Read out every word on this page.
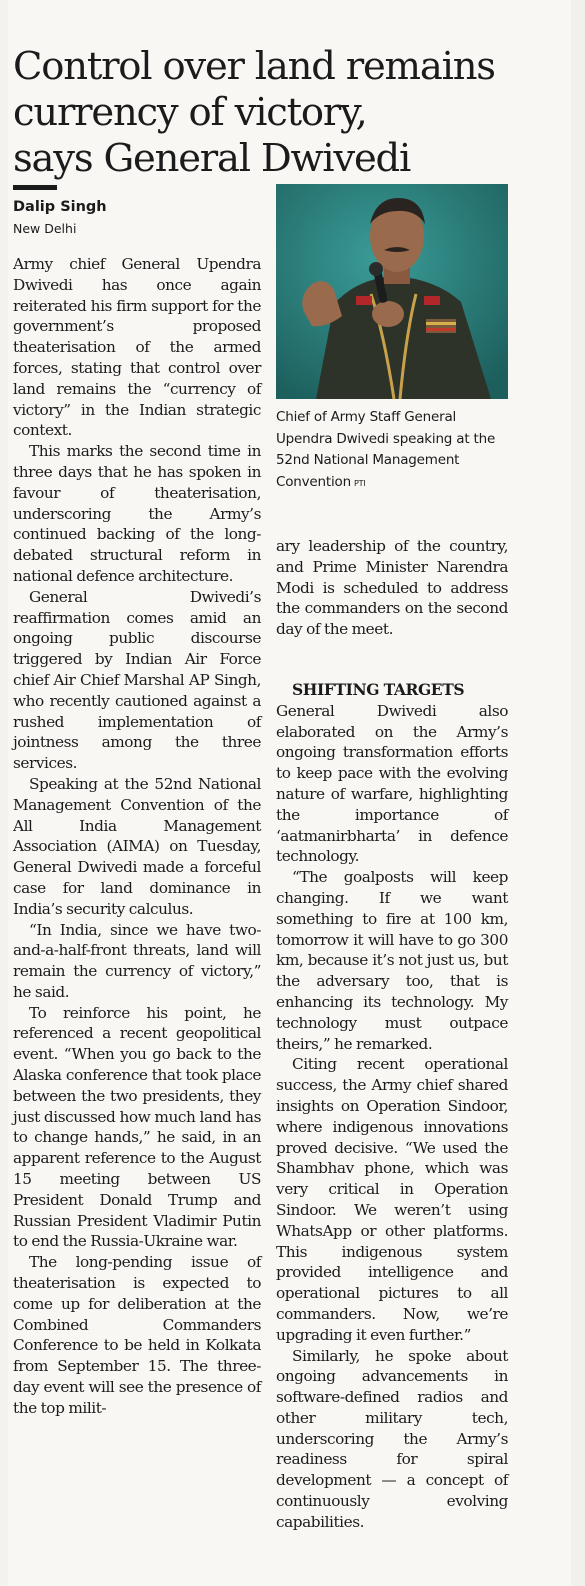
Control over land remains
currency of victory,
says General Dwivedi
Dalip Singh
New Delhi

Army chief General Upendra Dwivedi has once again reiterated his firm support for the government’s proposed theaterisation of the armed forces, stating that control over land remains the “currency of victory” in the Indian strategic context.

This marks the second time in three days that he has spoken in favour of theaterisation, underscoring the Army’s continued backing of the long-debated structural reform in national defence architecture.

General Dwivedi’s reaffirmation comes amid an ongoing public discourse triggered by Indian Air Force chief Air Chief Marshal AP Singh, who recently cautioned against a rushed implementation of jointness among the three services.

Speaking at the 52nd National Management Convention of the All India Management Association (AIMA) on Tuesday, General Dwivedi made a forceful case for land dominance in India’s security calculus.

“In India, since we have two-and-a-half-front threats, land will remain the currency of victory,” he said.

To reinforce his point, he referenced a recent geopolitical event. “When you go back to the Alaska conference that took place between the two presidents, they just discussed how much land has to change hands,” he said, in an apparent reference to the August 15 meeting between US President Donald Trump and Russian President Vladimir Putin to end the Russia-Ukraine war.

The long-pending issue of theaterisation is expected to come up for deliberation at the Combined Commanders Conference to be held in Kolkata from September 15. The three-day event will see the presence of the top milit-

Chief of Army Staff General Upendra Dwivedi speaking at the 52nd National Management Convention PTI

ary leadership of the country, and Prime Minister Narendra Modi is scheduled to address the commanders on the second day of the meet.

SHIFTING TARGETS

General Dwivedi also elaborated on the Army’s ongoing transformation efforts to keep pace with the evolving nature of warfare, highlighting the importance of ‘aatmanirbharta’ in defence technology.

“The goalposts will keep changing. If we want something to fire at 100 km, tomorrow it will have to go 300 km, because it’s not just us, but the adversary too, that is enhancing its technology. My technology must outpace theirs,” he remarked.

Citing recent operational success, the Army chief shared insights on Operation Sindoor, where indigenous innovations proved decisive. “We used the Shambhav phone, which was very critical in Operation Sindoor. We weren’t using WhatsApp or other platforms. This indigenous system provided intelligence and operational pictures to all commanders. Now, we’re upgrading it even further.”

Similarly, he spoke about ongoing advancements in software-defined radios and other military tech, underscoring the Army’s readiness for spiral development — a concept of continuously evolving capabilities.
